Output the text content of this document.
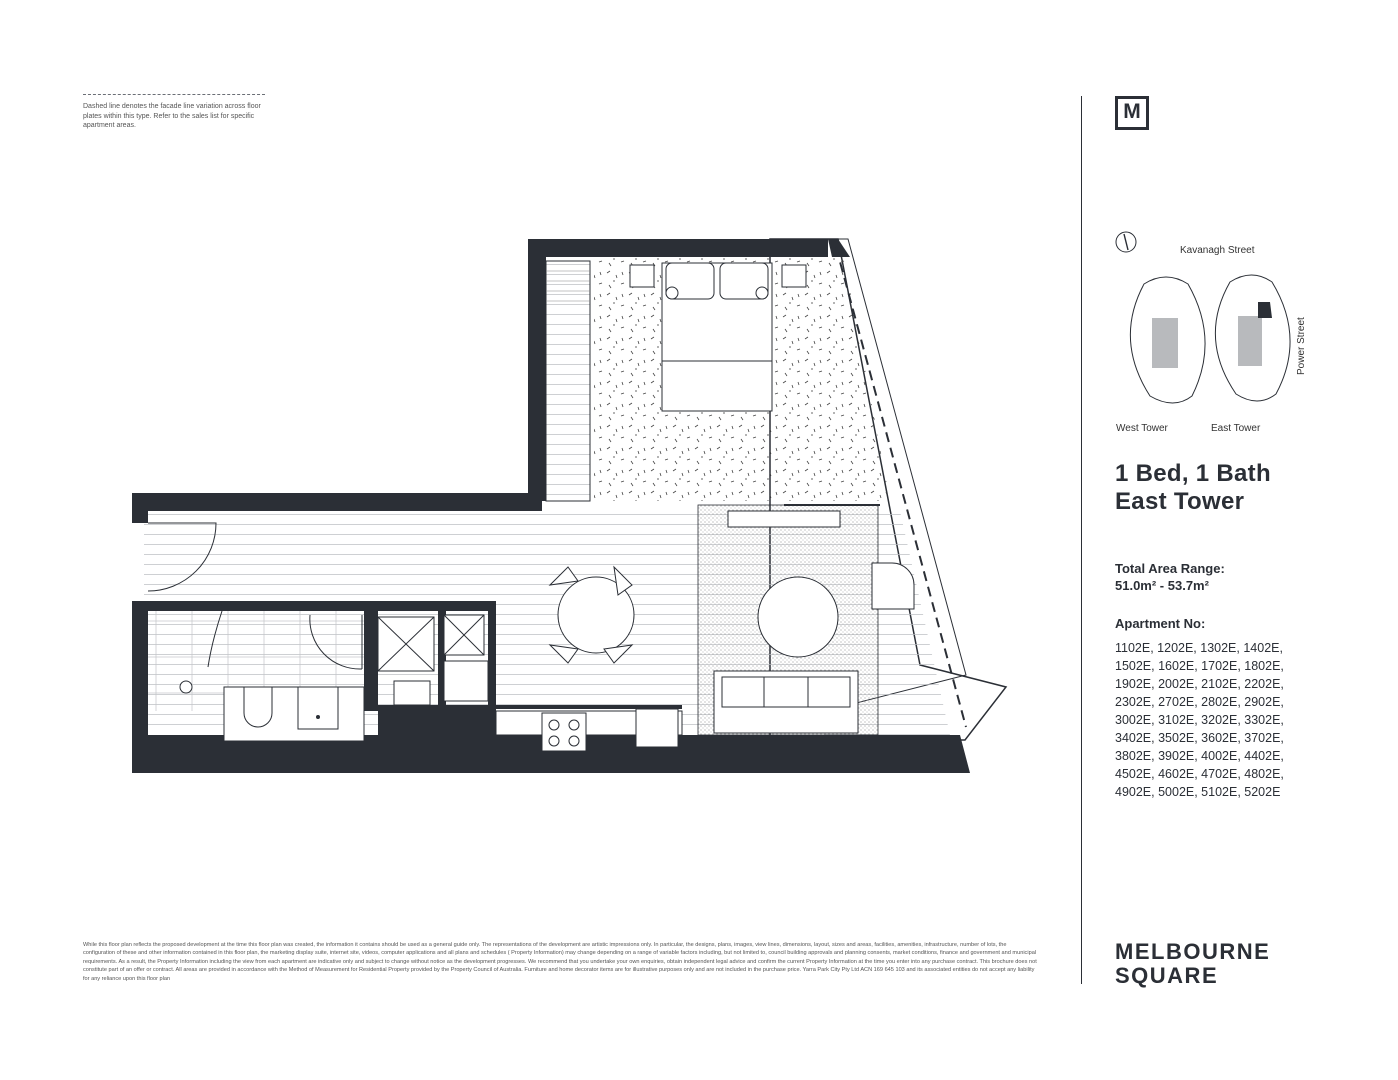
Dashed line denotes the facade line variation across floor plates within this type. Refer to the sales list for specific apartment areas.
M
Kavanagh Street
Power Street
West Tower	East Tower
1 Bed, 1 Bath
East Tower
Total Area Range:
51.0m² - 53.7m²
Apartment No:
1102E, 1202E, 1302E, 1402E, 1502E, 1602E, 1702E, 1802E, 1902E, 2002E, 2102E, 2202E, 2302E, 2702E, 2802E, 2902E, 3002E, 3102E, 3202E, 3302E, 3402E, 3502E, 3602E, 3702E, 3802E, 3902E, 4002E, 4402E, 4502E, 4602E, 4702E, 4802E, 4902E, 5002E, 5102E, 5202E
MELBOURNE
SQUARE
While this floor plan reflects the proposed development at the time this floor plan was created, the information it contains should be used as a general guide only. The representations of the development are artistic impressions only. In particular, the designs, plans, images, view lines, dimensions, layout, sizes and areas, facilities, amenities, infrastructure, number of lots, the configuration of these and other information contained in this floor plan, the marketing display suite, internet site, videos, computer applications and all plans and schedules ( Property Information) may change depending on a range of variable factors including, but not limited to, council building approvals and planning consents, market conditions, finance and government and municipal requirements. As a result, the Property Information including the view from each apartment are indicative only and subject to change without notice as the development progresses. We recommend that you undertake your own enquiries, obtain independent legal advice and confirm the current Property Information at the time you enter into any purchase contract. This brochure does not constitute part of an offer or contract. All areas are provided in accordance with the Method of Measurement for Residential Property provided by the Property Council of Australia. Furniture and home decorator items are for illustrative purposes only and are not included in the purchase price. Yarra Park City Pty Ltd ACN 169 645 103 and its associated entities do not accept any liability for any reliance upon this floor plan
